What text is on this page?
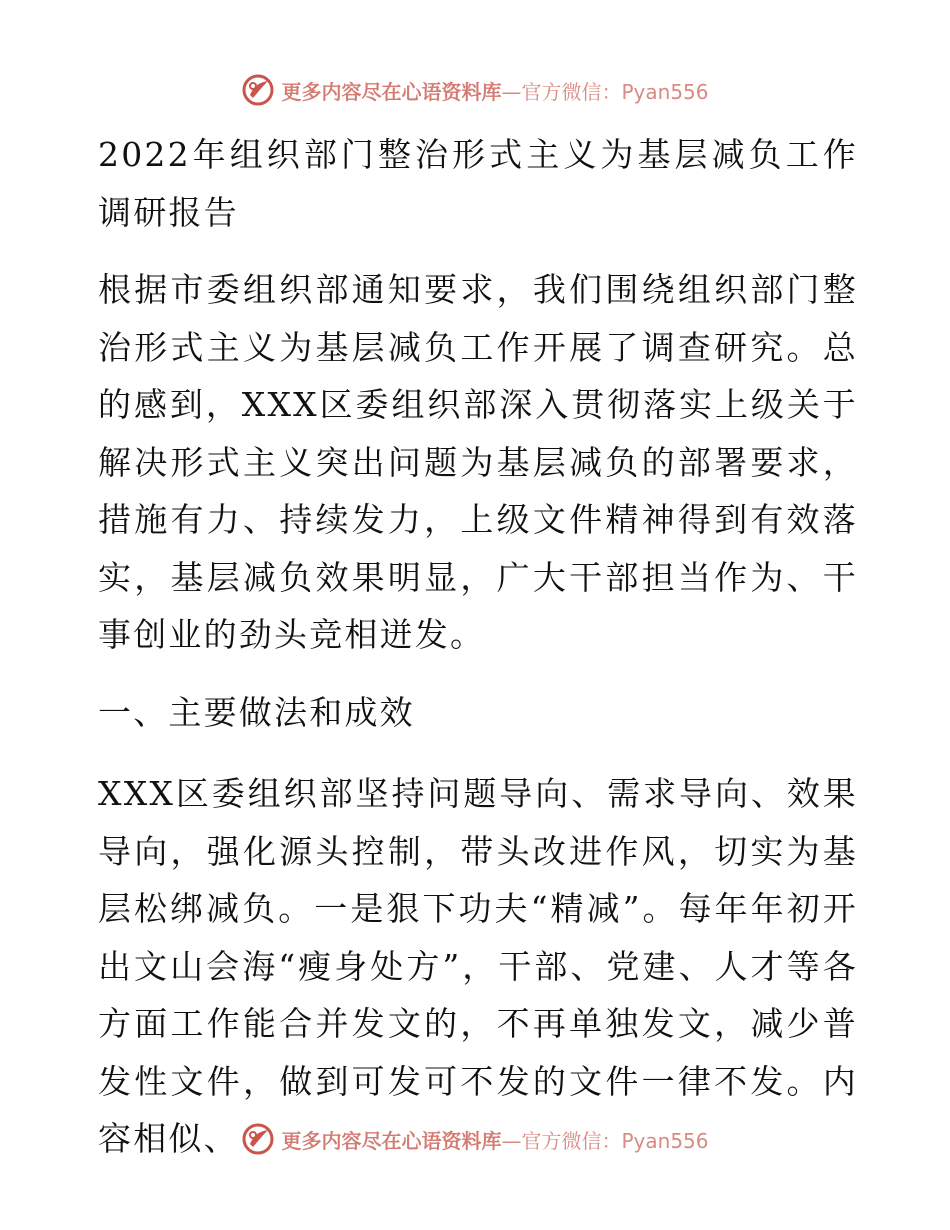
更多内容尽在心语资料库—官方微信：Pyan556

2022年组织部门整治形式主义为基层减负工作调研报告

根据市委组织部通知要求，我们围绕组织部门整治形式主义为基层减负工作开展了调查研究。总的感到，XXX区委组织部深入贯彻落实上级关于解决形式主义突出问题为基层减负的部署要求，措施有力、持续发力，上级文件精神得到有效落实，基层减负效果明显，广大干部担当作为、干事创业的劲头竞相迸发。

一、主要做法和成效

XXX区委组织部坚持问题导向、需求导向、效果导向，强化源头控制，带头改进作风，切实为基层松绑减负。一是狠下功夫“精减”。每年年初开出文山会海“瘦身处方”，干部、党建、人才等各方面工作能合并发文的，不再单独发文，减少普发性文件，做到可发可不发的文件一律不发。内容相似、	更多内容尽在心语资料库—官方微信：Pyan556
